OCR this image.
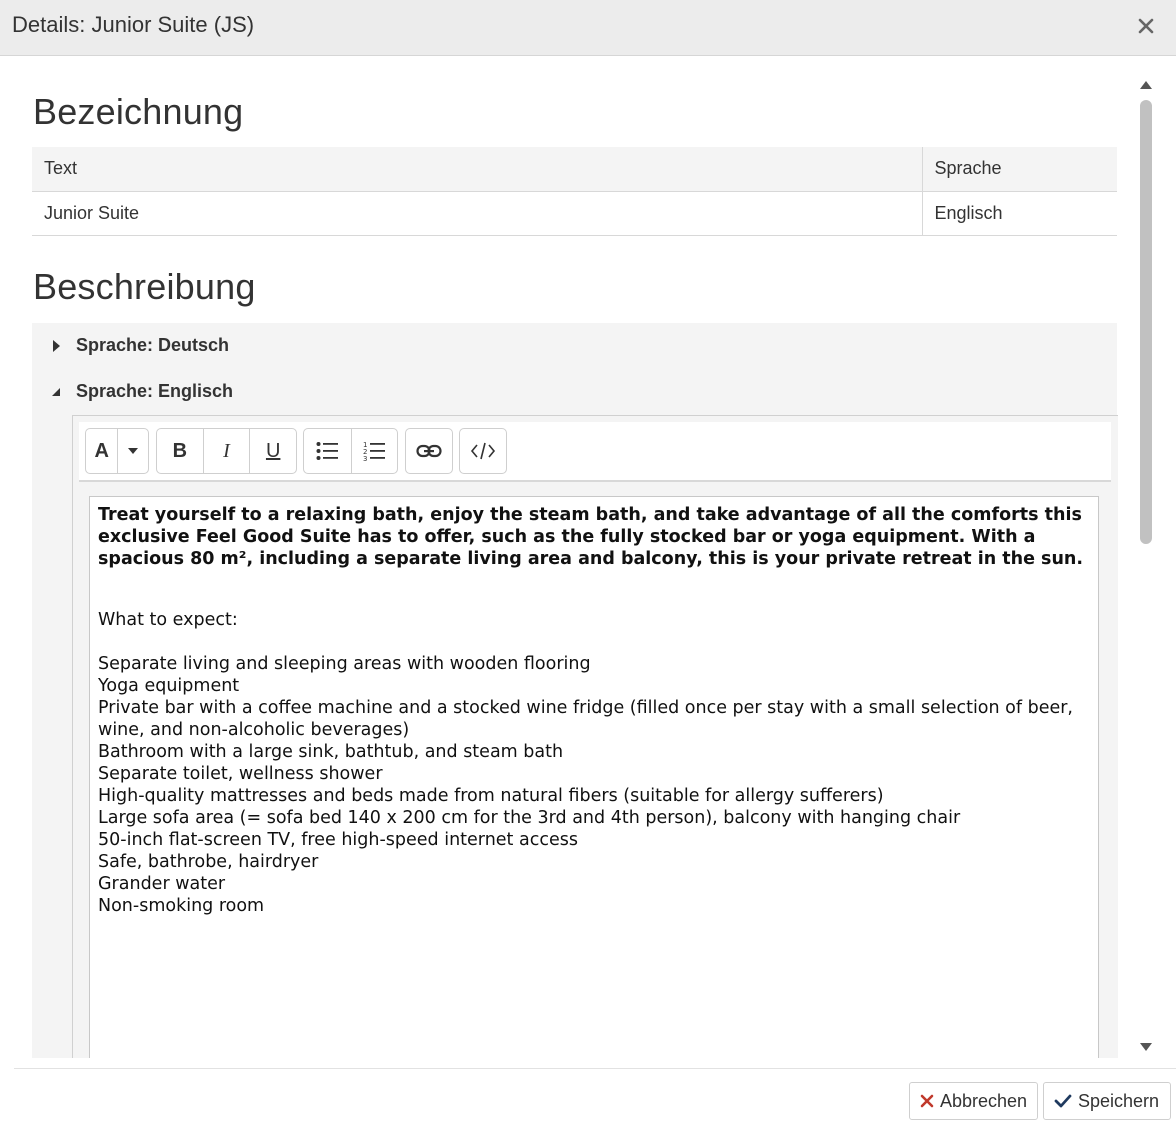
Details: Junior Suite (JS)
Bezeichnung
Text	Sprache
Junior Suite	Englisch
Beschreibung
Sprache: Deutsch
Sprache: Englisch
A	B	I	U	1
2
3

Treat yourself to a relaxing bath, enjoy the steam bath, and take advantage of all the comforts this exclusive Feel Good Suite has to offer, such as the fully stocked bar or yoga equipment. With a spacious 80 m², including a separate living area and balcony, this is your private retreat in the sun.

What to expect:

Separate living and sleeping areas with wooden flooring

Yoga equipment

Private bar with a coffee machine and a stocked wine fridge (filled once per stay with a small selection of beer, wine, and non-alcoholic beverages)

Bathroom with a large sink, bathtub, and steam bath

Separate toilet, wellness shower

High-quality mattresses and beds made from natural fibers (suitable for allergy sufferers)

Large sofa area (= sofa bed 140 x 200 cm for the 3rd and 4th person), balcony with hanging chair

50-inch flat-screen TV, free high-speed internet access

Safe, bathrobe, hairdryer

Grander water

Non-smoking room

Abbrechen	Speichern
